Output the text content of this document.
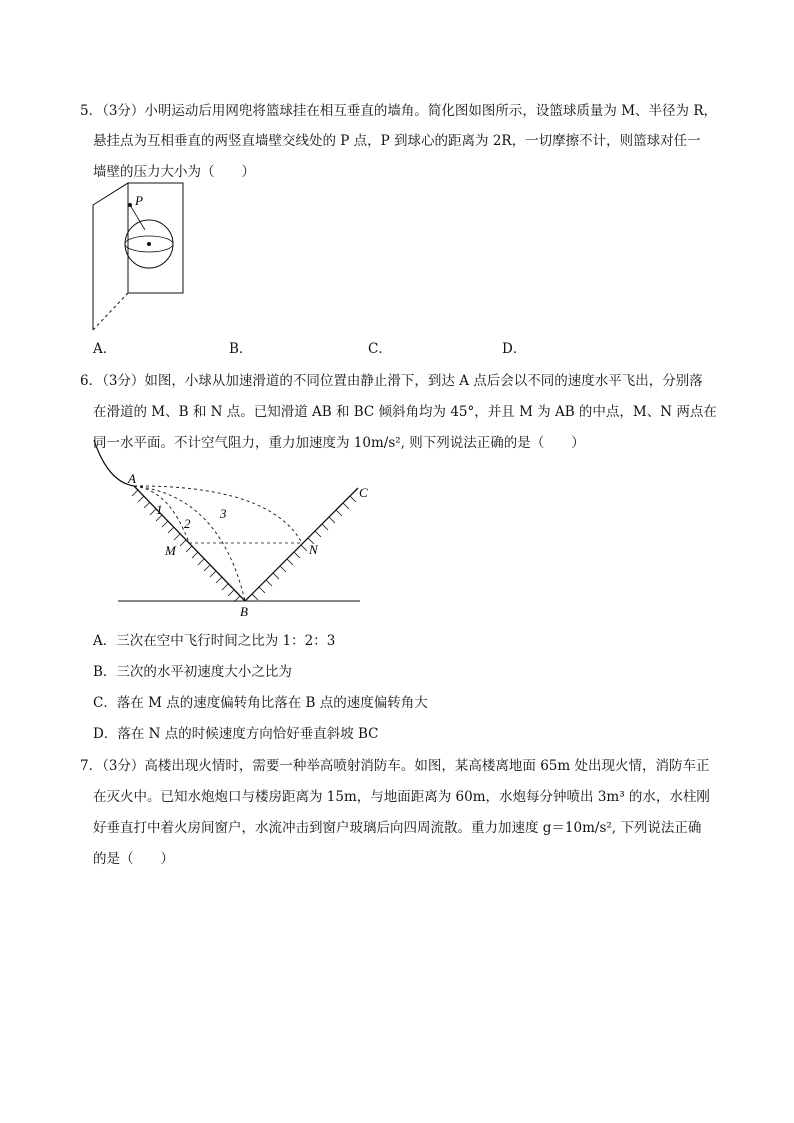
5．（3分）小明运动后用网兜将篮球挂在相互垂直的墙角。简化图如图所示，设篮球质量为 M、半径为 R，
悬挂点为互相垂直的两竖直墙壁交线处的 P 点，P 到球心的距离为 2R，一切摩擦不计，则篮球对任一
墙壁的压力大小为（　　）
P
A．	B．	C．	D．
6．（3分）如图，小球从加速滑道的不同位置由静止滑下，到达 A 点后会以不同的速度水平飞出，分别落
在滑道的 M、B 和 N 点。已知滑道 AB 和 BC 倾斜角均为 45°，并且 M 为 AB 的中点，M、N 两点在
同一水平面。不计空气阻力，重力加速度为 10m/s², 则下列说法正确的是（　　）
A
B
C
M	N
1
2
3
A．三次在空中飞行时间之比为 1：2：3
B．三次的水平初速度大小之比为
C．落在 M 点的速度偏转角比落在 B 点的速度偏转角大
D．落在 N 点的时候速度方向恰好垂直斜坡 BC
7．（3分）高楼出现火情时，需要一种举高喷射消防车。如图，某高楼离地面 65m 处出现火情，消防车正
在灭火中。已知水炮炮口与楼房距离为 15m，与地面距离为 60m，水炮每分钟喷出 3m³ 的水，水柱刚
好垂直打中着火房间窗户，水流冲击到窗户玻璃后向四周流散。重力加速度 g＝10m/s², 下列说法正确
的是（　　）
